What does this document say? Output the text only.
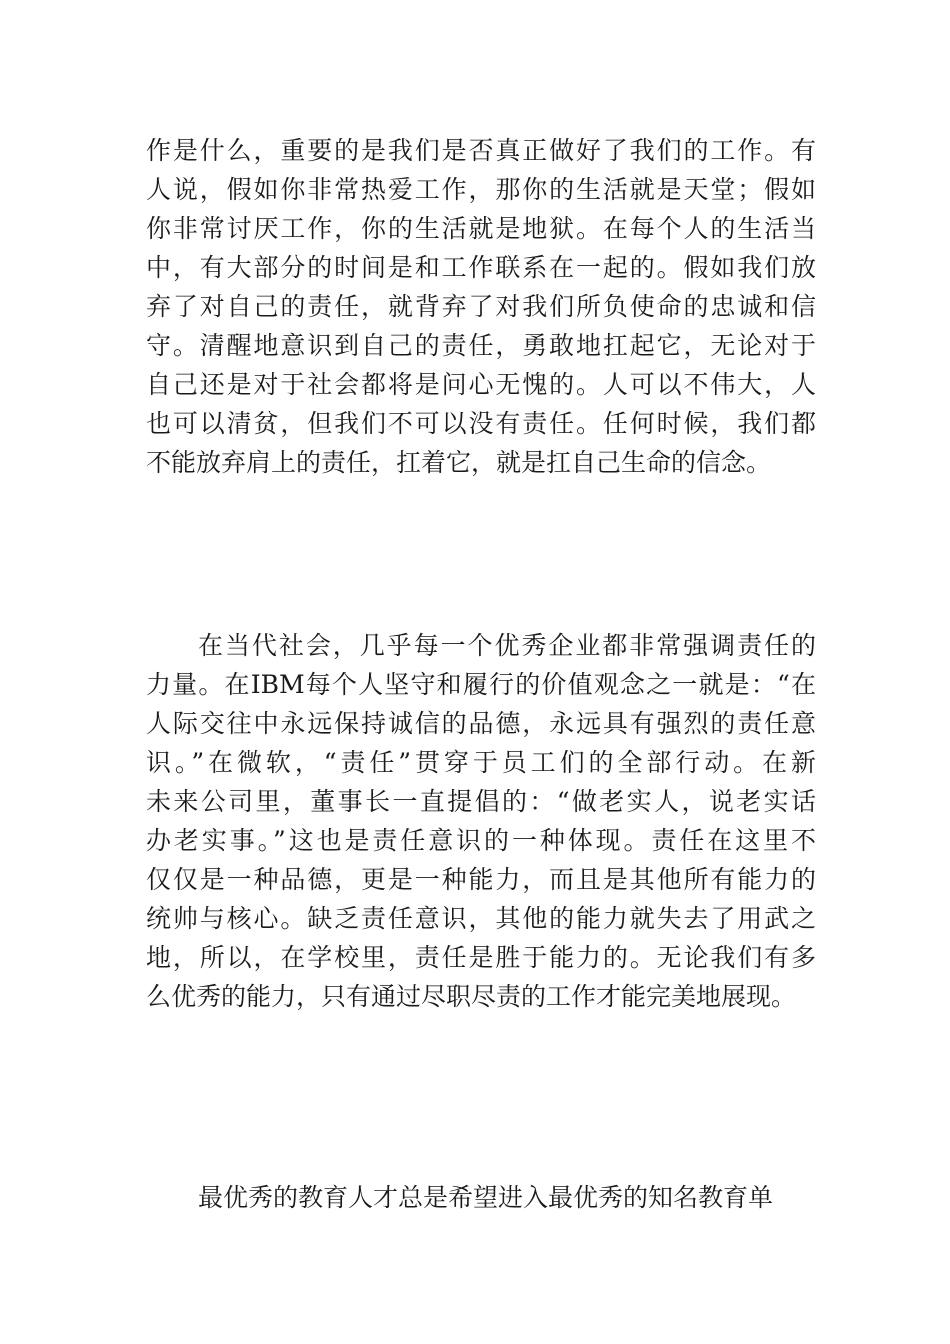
作是什么，重要的是我们是否真正做好了我们的工作。有
人说，假如你非常热爱工作，那你的生活就是天堂；假如
你非常讨厌工作，你的生活就是地狱。在每个人的生活当
中，有大部分的时间是和工作联系在一起的。假如我们放
弃了对自己的责任，就背弃了对我们所负使命的忠诚和信
守。清醒地意识到自己的责任，勇敢地扛起它，无论对于
自己还是对于社会都将是问心无愧的。人可以不伟大，人
也可以清贫，但我们不可以没有责任。任何时候，我们都
不能放弃肩上的责任，扛着它，就是扛自己生命的信念。
在当代社会，几乎每一个优秀企业都非常强调责任的
力量。在IBM每个人坚守和履行的价值观念之一就是：“在
人际交往中永远保持诚信的品德，永远具有强烈的责任意
识。”在微软，“责任”贯穿于员工们的全部行动。在新
未来公司里，董事长一直提倡的：“做老实人，说老实话
办老实事。”这也是责任意识的一种体现。责任在这里不
仅仅是一种品德，更是一种能力，而且是其他所有能力的
统帅与核心。缺乏责任意识，其他的能力就失去了用武之
地，所以，在学校里，责任是胜于能力的。无论我们有多
么优秀的能力，只有通过尽职尽责的工作才能完美地展现。
最优秀的教育人才总是希望进入最优秀的知名教育单
